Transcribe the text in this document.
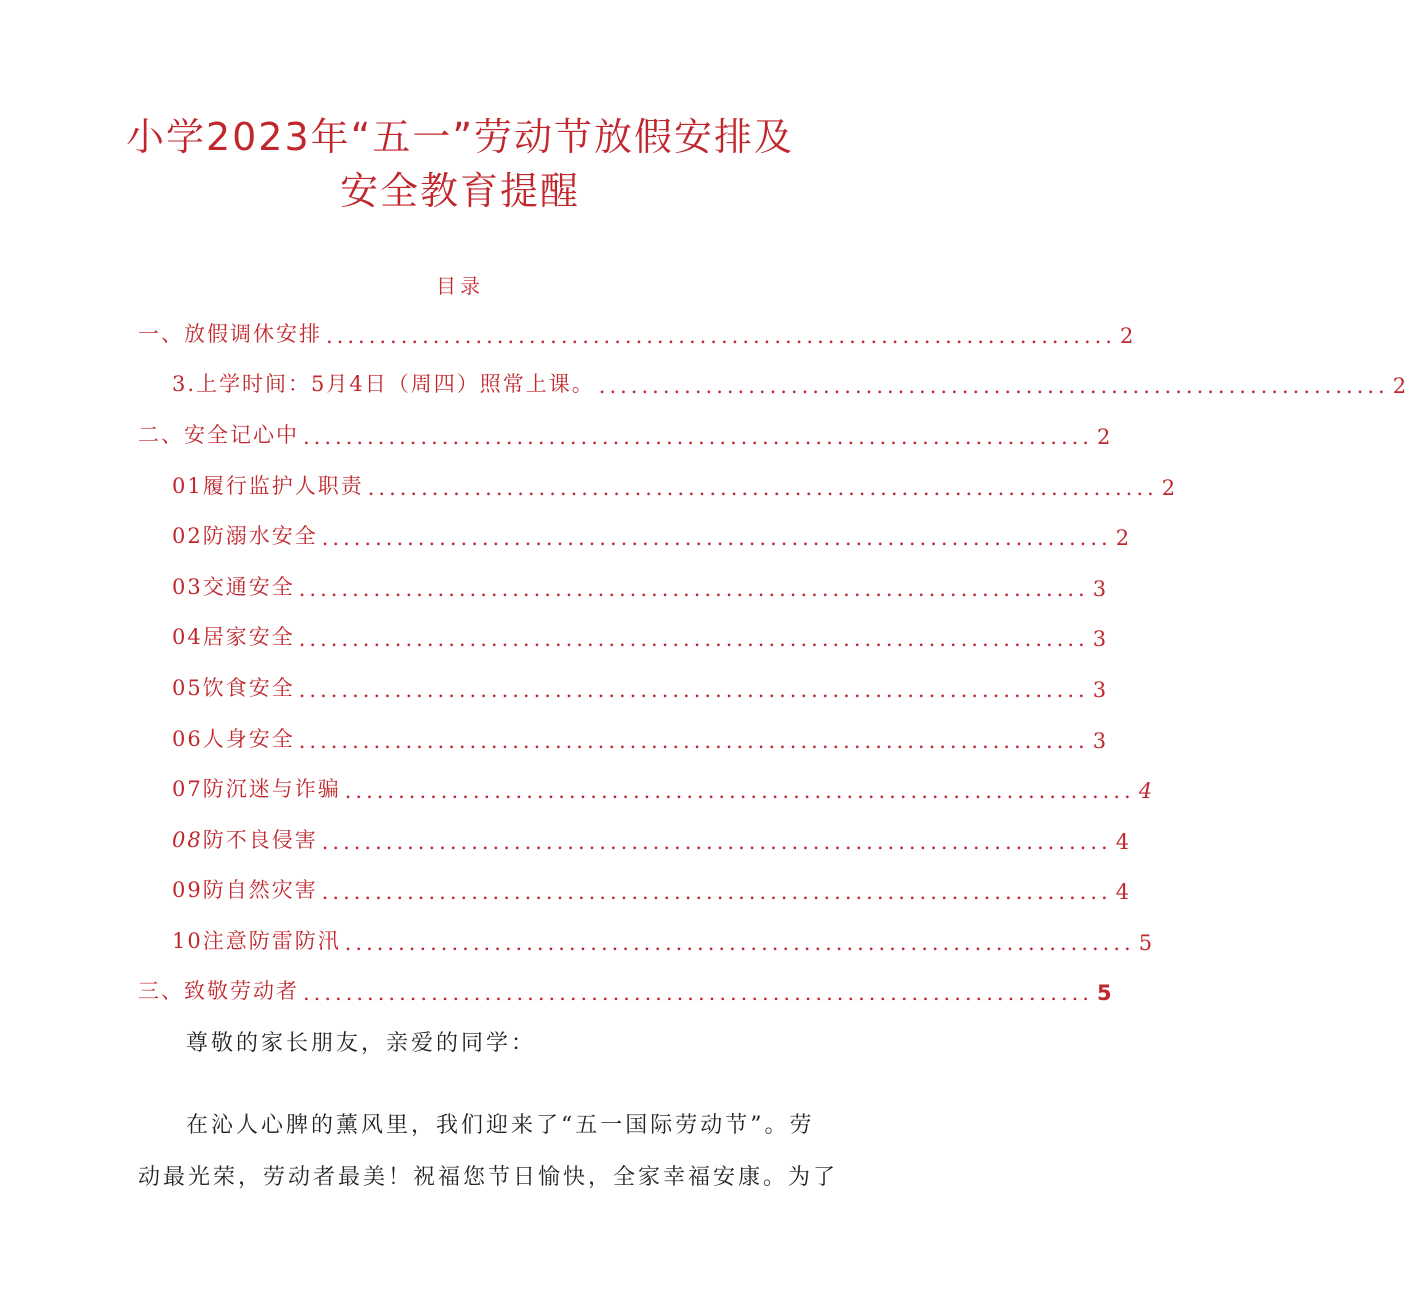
小学2023年“五一”劳动节放假安排及
安全教育提醒
目录
一、放假调休安排 .......................................................................... 2
3.上学时间：5月4日（周四）照常上课。 .......................................................................... 2
二、安全记心中 .......................................................................... 2
01履行监护人职责 .......................................................................... 2
02防溺水安全 .......................................................................... 2
03交通安全 .......................................................................... 3
04居家安全 .......................................................................... 3
05饮食安全 .......................................................................... 3
06人身安全 .......................................................................... 3
07防沉迷与诈骗 .......................................................................... 4
08防不良侵害 .......................................................................... 4
09防自然灾害 .......................................................................... 4
10注意防雷防汛 .......................................................................... 5
三、致敬劳动者 .......................................................................... 5
尊敬的家长朋友，亲爱的同学：
在沁人心脾的薰风里，我们迎来了“五一国际劳动节”。劳
动最光荣，劳动者最美！祝福您节日愉快，全家幸福安康。为了
